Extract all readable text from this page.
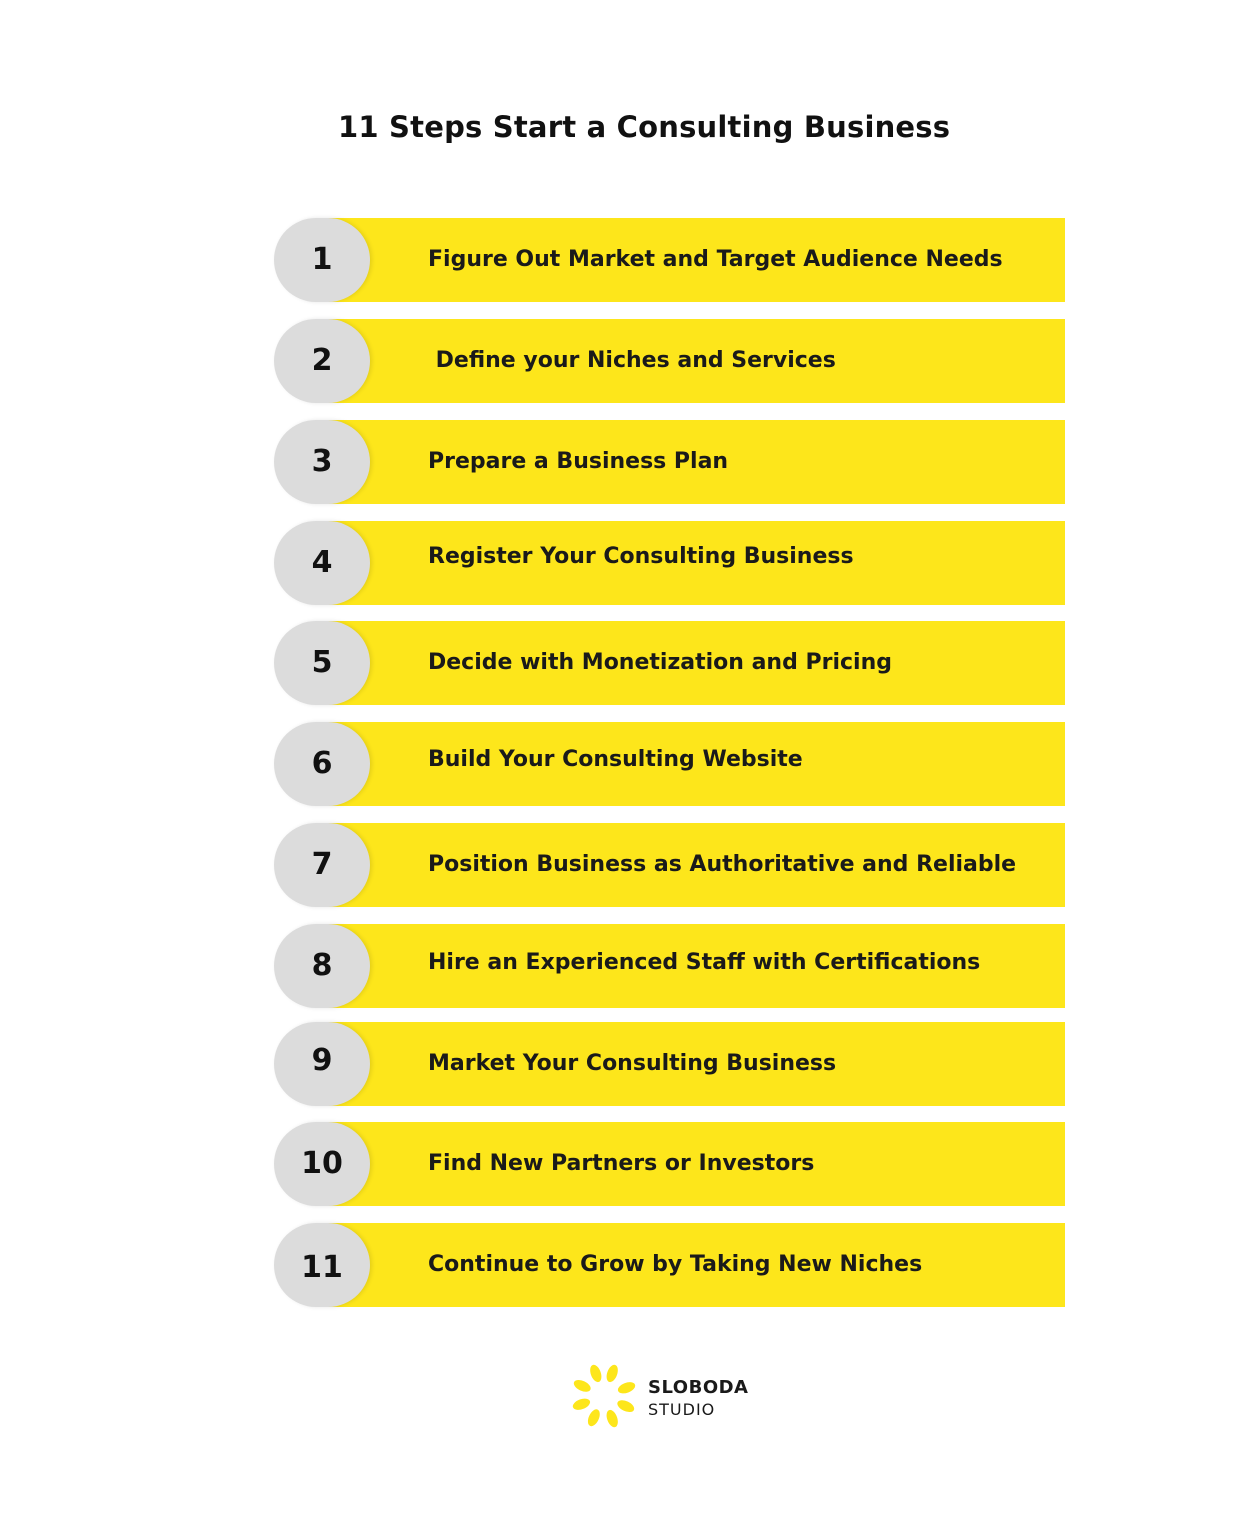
11 Steps Start a Consulting Business
1	Figure Out Market and Target Audience Needs
2	Define your Niches and Services
3	Prepare a Business Plan
4	Register Your Consulting Business
5	Decide with Monetization and Pricing
6	Build Your Consulting Website
7	Position Business as Authoritative and Reliable
8	Hire an Experienced Staff with Certifications
9	Market Your Consulting Business
10	Find New Partners or Investors
11	Continue to Grow by Taking New Niches
SLOBODA
STUDIO
